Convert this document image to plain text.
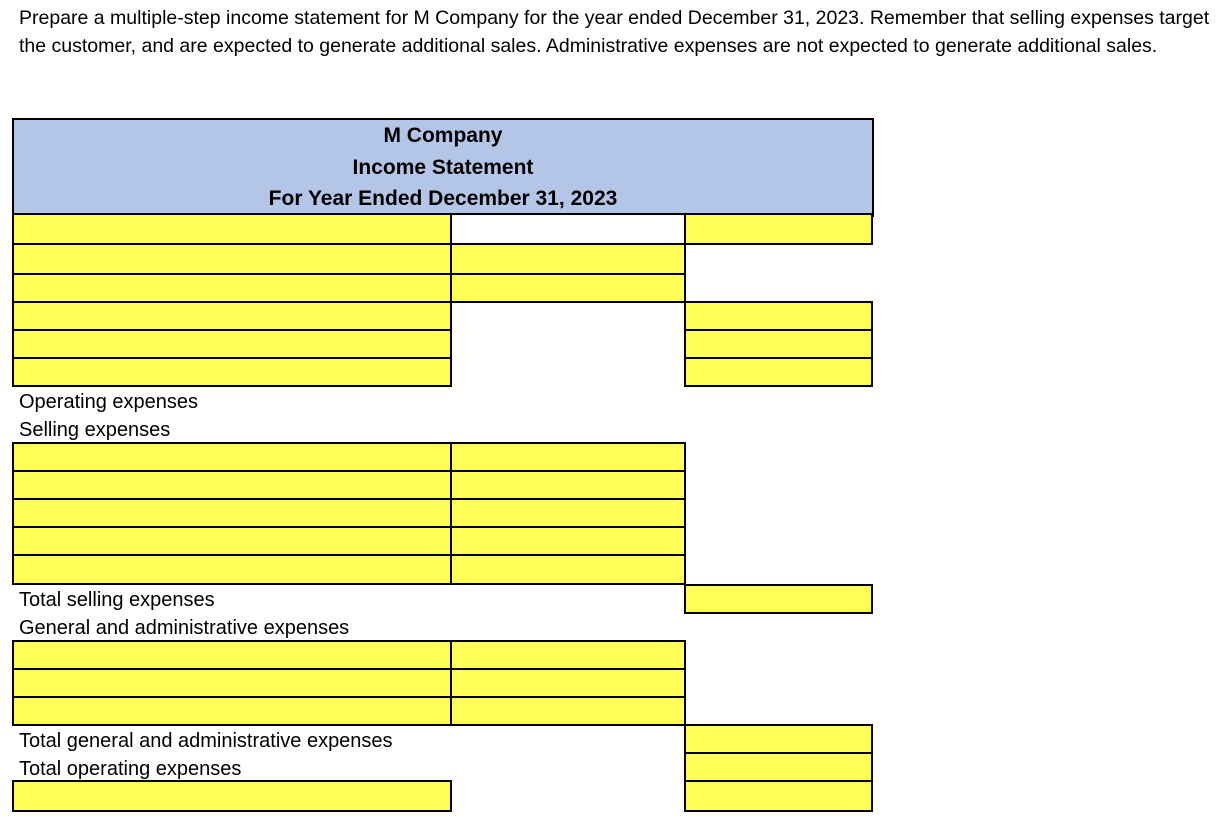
Prepare a multiple-step income statement for M Company for the year ended December 31, 2023. Remember that selling expenses target the customer, and are expected to generate additional sales. Administrative expenses are not expected to generate additional sales.

M Company
Income Statement
For Year Ended December 31, 2023

Operating expenses

Selling expenses

Total selling expenses

General and administrative expenses

Total general and administrative expenses

Total operating expenses
